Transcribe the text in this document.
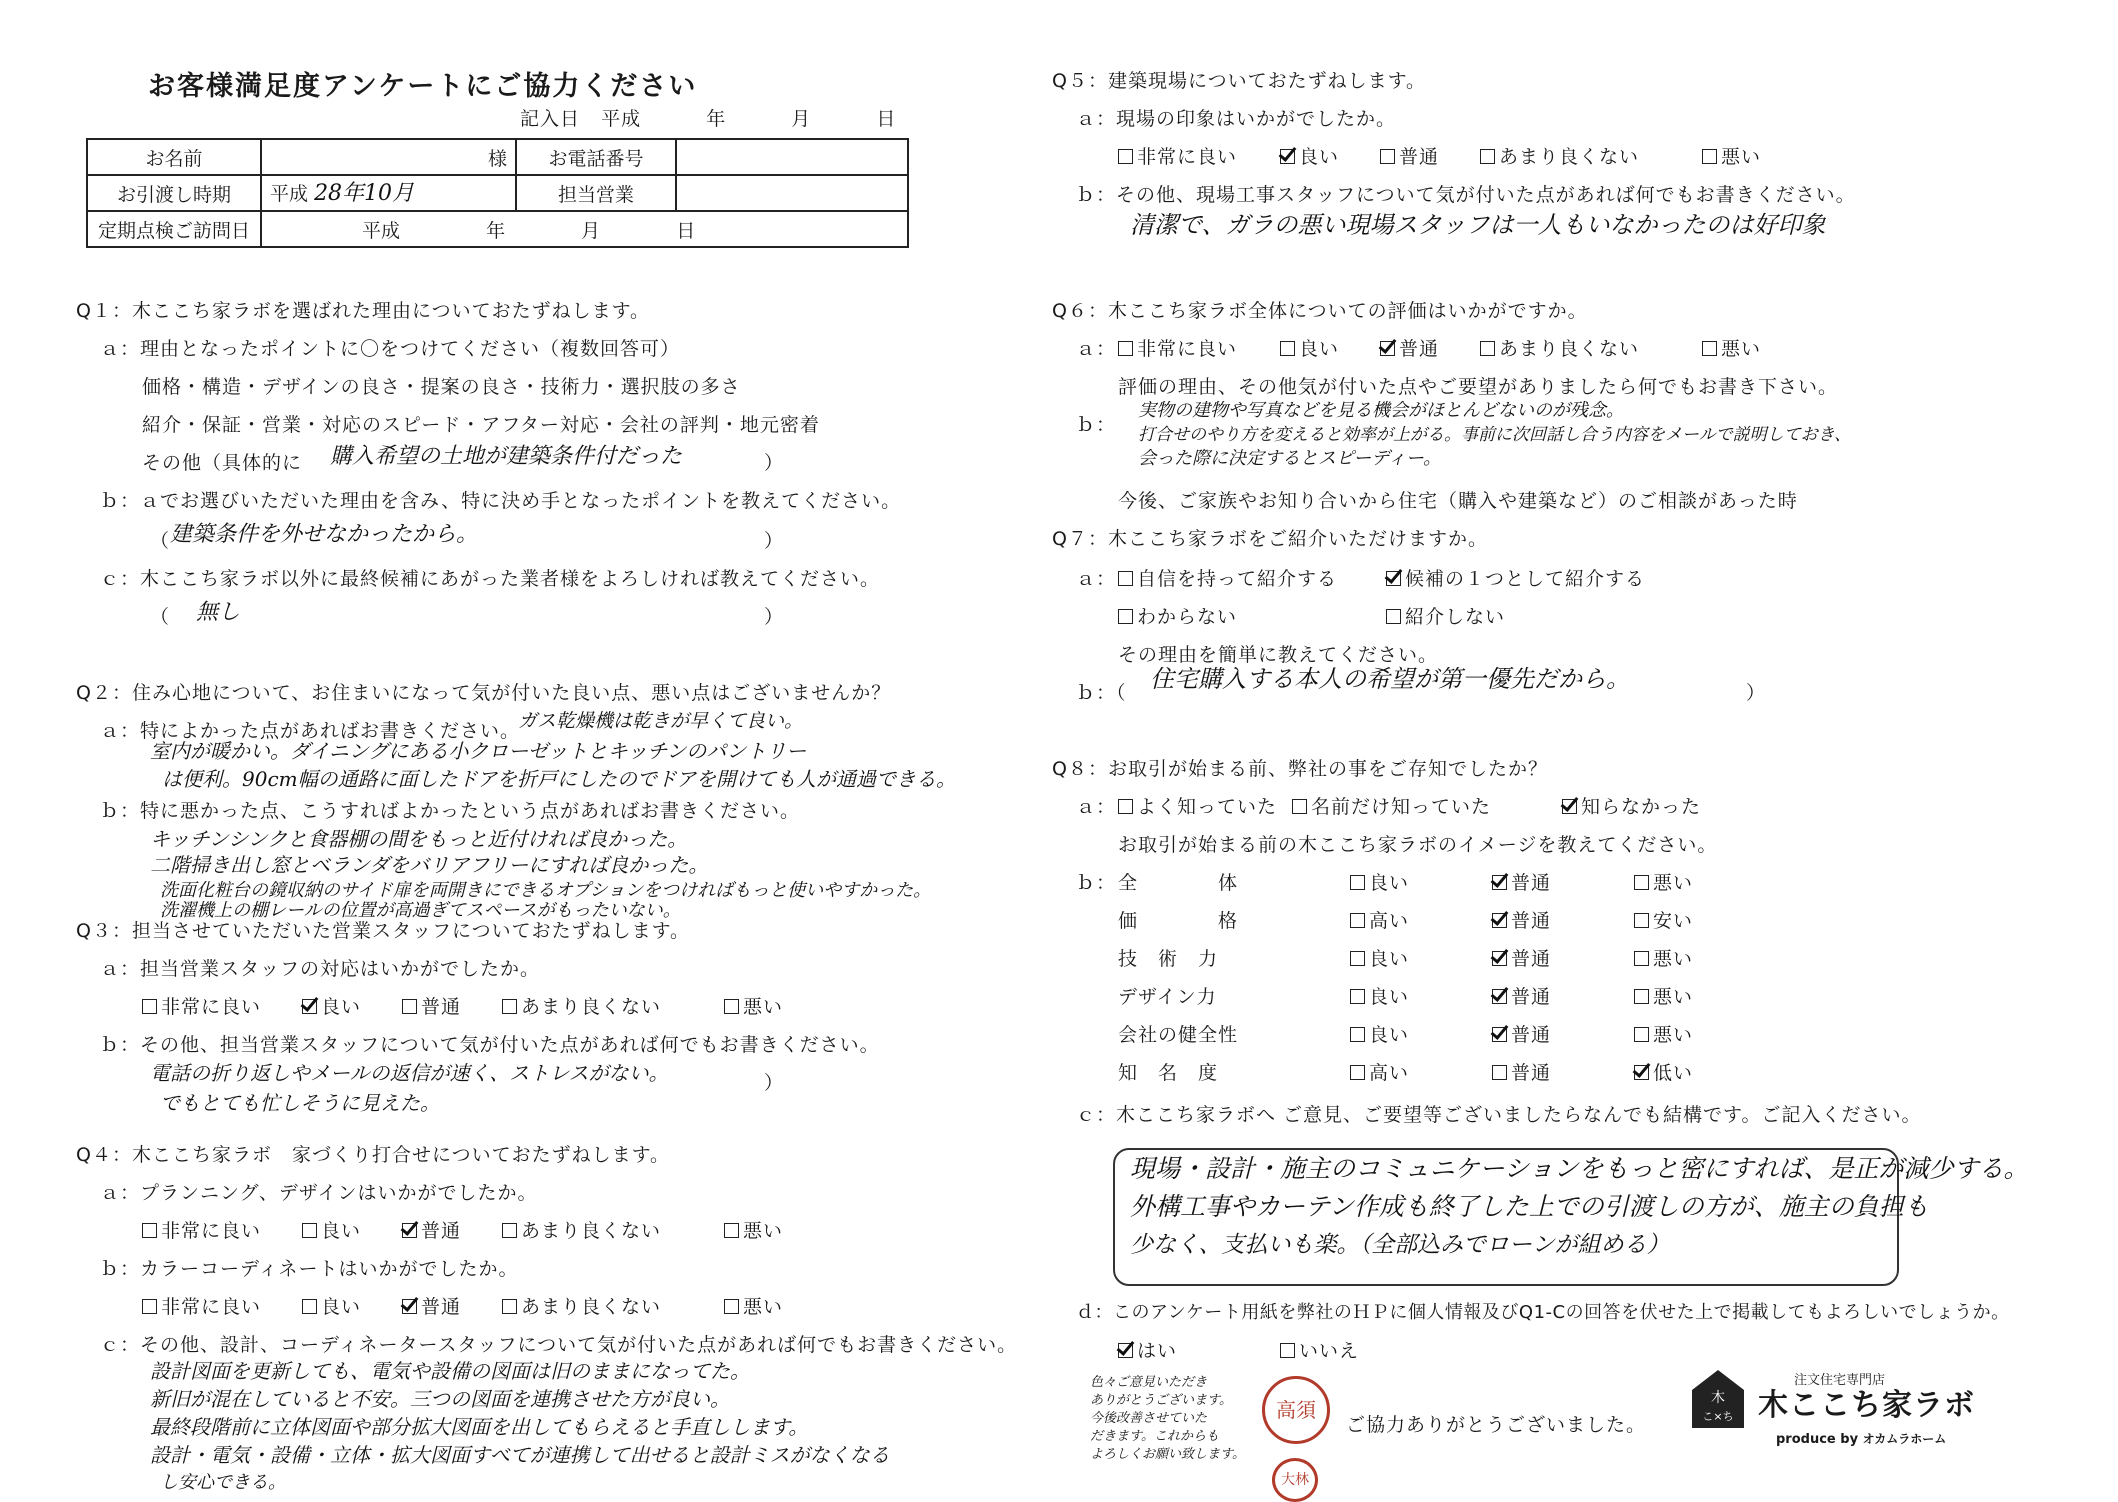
お客様満足度アンケートにご協力ください
記入日 平成	年	月	日
お名前	様	お電話番号	
お引渡し時期	平成 28年10月	担当営業	
定期点検ご訪問日	平成 年 月 日		
Q１：木ここち家ラボを選ばれた理由についておたずねします。
ａ：理由となったポイントに〇をつけてください（複数回答可）
価格・構造・デザインの良さ・提案の良さ・技術力・選択肢の多さ
紹介・保証・営業・対応のスピード・アフター対応・会社の評判・地元密着
その他（具体的に 購入希望の土地が建築条件付だった	）
ｂ：ａでお選びいただいた理由を含み、特に決め手となったポイントを教えてください。
（ 建築条件を外せなかったから。	）
ｃ：木ここち家ラボ以外に最終候補にあがった業者様をよろしければ教えてください。
（ 無し	）
Q２：住み心地について、お住まいになって気が付いた良い点、悪い点はございませんか？
ａ：特によかった点があればお書きください。
ガス乾燥機は乾きが早くて良い。
室内が暖かい。ダイニングにある小クローゼットとキッチンのパントリー
は便利。90cm幅の通路に面したドアを折戸にしたのでドアを開けても人が通過できる。
ｂ：特に悪かった点、こうすればよかったという点があればお書きください。
キッチンシンクと食器棚の間をもっと近付ければ良かった。
二階掃き出し窓とベランダをバリアフリーにすれば良かった。
洗面化粧台の鏡収納のサイド扉を両開きにできるオプションをつければもっと使いやすかった。
洗濯機上の棚レールの位置が高過ぎてスペースがもったいない。
Q３：担当させていただいた営業スタッフについておたずねします。
ａ：担当営業スタッフの対応はいかがでしたか。
非常に良い	良い	普通	あまり良くない	悪い
ｂ：その他、担当営業スタッフについて気が付いた点があれば何でもお書きください。
電話の折り返しやメールの返信が速く、ストレスがない。
でもとても忙しそうに見えた。
）
Q４：木ここち家ラボ　家づくり打合せについておたずねします。
ａ：プランニング、デザインはいかがでしたか。
非常に良い	良い	普通	あまり良くない	悪い
ｂ：カラーコーディネートはいかがでしたか。
非常に良い	良い	普通	あまり良くない	悪い
ｃ：その他、設計、コーディネータースタッフについて気が付いた点があれば何でもお書きください。
設計図面を更新しても、電気や設備の図面は旧のままになってた。
新旧が混在していると不安。三つの図面を連携させた方が良い。
最終段階前に立体図面や部分拡大図面を出してもらえると手直しします。
設計・電気・設備・立体・拡大図面すべてが連携して出せると設計ミスがなくなる
し安心できる。
Q５：建築現場についておたずねします。
ａ：現場の印象はいかがでしたか。
非常に良い	良い	普通	あまり良くない	悪い
ｂ：その他、現場工事スタッフについて気が付いた点があれば何でもお書きください。
清潔で、ガラの悪い現場スタッフは一人もいなかったのは好印象
Q６：木ここち家ラボ全体についての評価はいかがですか。
ａ：	非常に良い	良い	普通	あまり良くない	悪い
評価の理由、その他気が付いた点やご要望がありましたら何でもお書き下さい。
ｂ：
実物の建物や写真などを見る機会がほとんどないのが残念。
打合せのやり方を変えると効率が上がる。事前に次回話し合う内容をメールで説明しておき、
会った際に決定するとスピーディー。
今後、ご家族やお知り合いから住宅（購入や建築など）のご相談があった時
Q７：木ここち家ラボをご紹介いただけますか。
ａ：	自信を持って紹介する	候補の１つとして紹介する
わからない	紹介しない
その理由を簡単に教えてください。
ｂ：（ 住宅購入する本人の希望が第一優先だから。	）
Q８：お取引が始まる前、弊社の事をご存知でしたか？
ａ：	よく知っていた	名前だけ知っていた	知らなかった
お取引が始まる前の木ここち家ラボのイメージを教えてください。
ｂ： 全　　　　体	良い	普通	悪い
価　　　　格	高い	普通	安い
技　術　力	良い	普通	悪い
デザイン力	良い	普通	悪い
会社の健全性	良い	普通	悪い
知　名　度	高い	普通	低い
ｃ：木ここち家ラボへ ご意見、ご要望等ございましたらなんでも結構です。ご記入ください。
現場・設計・施主のコミュニケーションをもっと密にすれば、是正が減少する。
外構工事やカーテン作成も終了した上での引渡しの方が、施主の負担も
少なく、支払いも楽。（全部込みでローンが組める）
ｄ：このアンケート用紙を弊社のＨＰに個人情報及びQ1-Cの回答を伏せた上で掲載してもよろしいでしょうか。
はい	いいえ
色々ご意見いただき
ありがとうございます。
今後改善させていた
だきます。これからも
よろしくお願い致します。
高須
大林
ご協力ありがとうございました。
木
こ×ち
注文住宅専門店
木ここち家ラボ
produce by オカムラホーム
